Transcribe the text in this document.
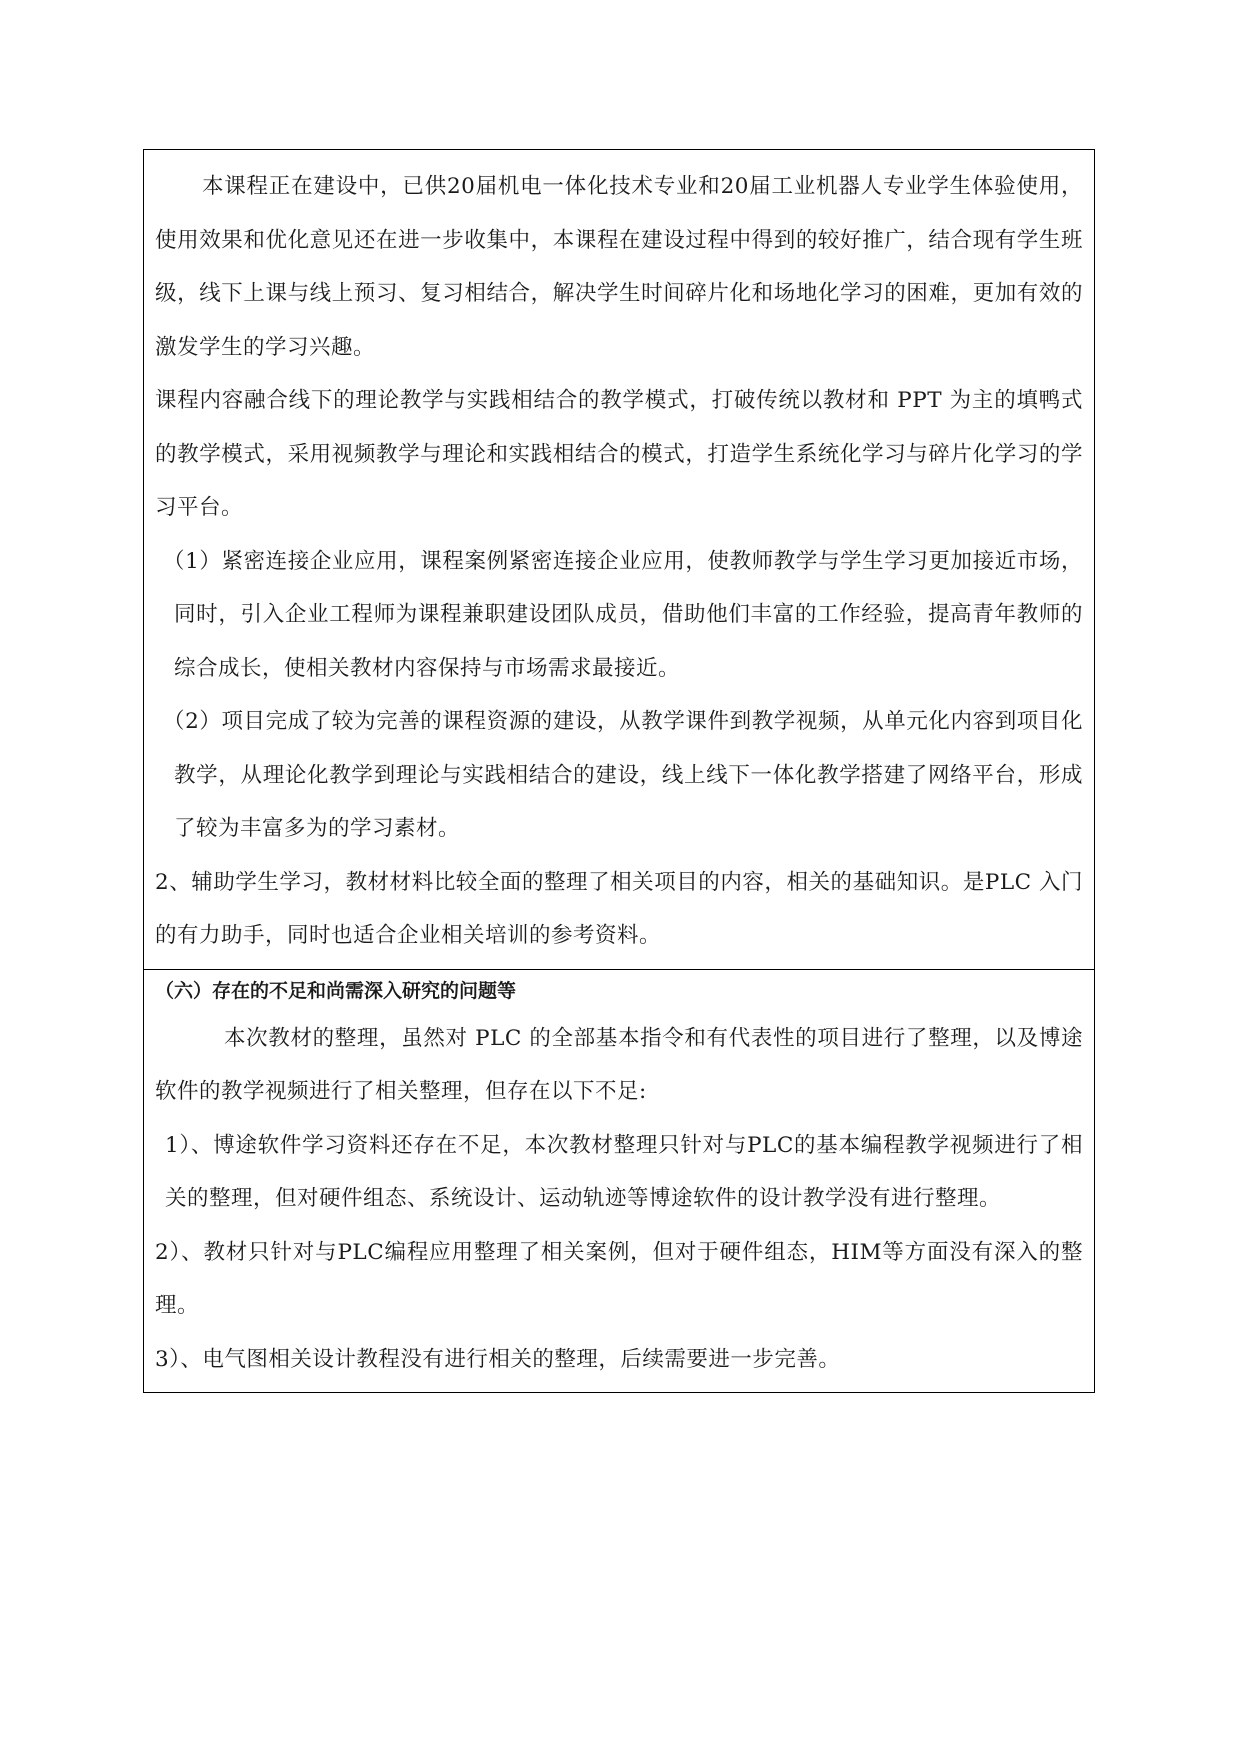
本课程正在建设中，已供20届机电一体化技术专业和20届工业机器人专业学生体验使用，使用效果和优化意见还在进一步收集中，本课程在建设过程中得到的较好推广，结合现有学生班级，线下上课与线上预习、复习相结合，解决学生时间碎片化和场地化学习的困难，更加有效的激发学生的学习兴趣。

课程内容融合线下的理论教学与实践相结合的教学模式，打破传统以教材和 PPT 为主的填鸭式的教学模式，采用视频教学与理论和实践相结合的模式，打造学生系统化学习与碎片化学习的学习平台。

（1）紧密连接企业应用，课程案例紧密连接企业应用，使教师教学与学生学习更加接近市场，同时，引入企业工程师为课程兼职建设团队成员，借助他们丰富的工作经验，提高青年教师的综合成长，使相关教材内容保持与市场需求最接近。

（2）项目完成了较为完善的课程资源的建设，从教学课件到教学视频，从单元化内容到项目化教学，从理论化教学到理论与实践相结合的建设，线上线下一体化教学搭建了网络平台，形成了较为丰富多为的学习素材。

2、辅助学生学习，教材材料比较全面的整理了相关项目的内容，相关的基础知识。是PLC 入门的有力助手，同时也适合企业相关培训的参考资料。

（六）存在的不足和尚需深入研究的问题等

本次教材的整理，虽然对 PLC 的全部基本指令和有代表性的项目进行了整理，以及博途软件的教学视频进行了相关整理，但存在以下不足:

1）、博途软件学习资料还存在不足，本次教材整理只针对与PLC的基本编程教学视频进行了相关的整理，但对硬件组态、系统设计、运动轨迹等博途软件的设计教学没有进行整理。

2）、教材只针对与PLC编程应用整理了相关案例，但对于硬件组态，HIM等方面没有深入的整理。

3）、电气图相关设计教程没有进行相关的整理，后续需要进一步完善。
